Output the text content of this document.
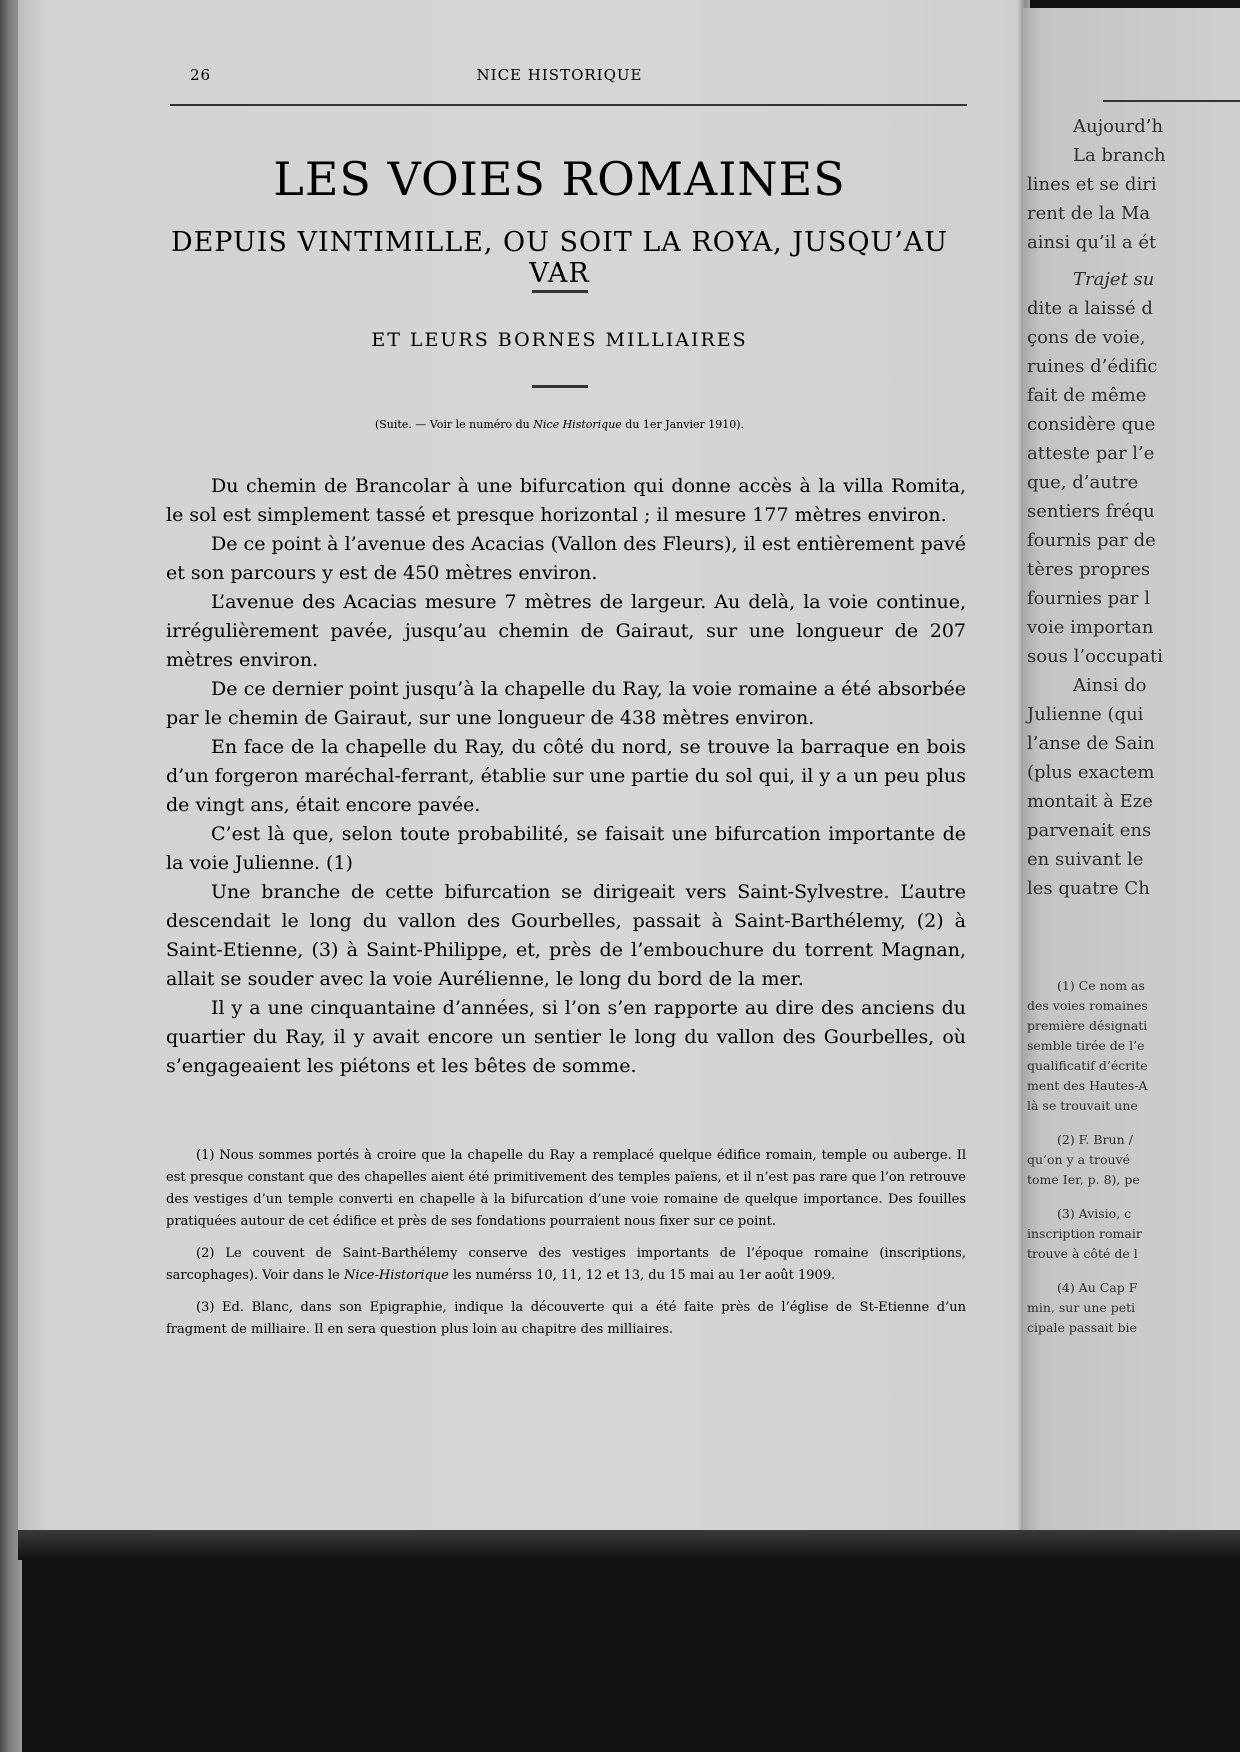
26	NICE HISTORIQUE
LES VOIES ROMAINES
DEPUIS VINTIMILLE, OU SOIT LA ROYA, JUSQU’AU VAR
ET LEURS BORNES MILLIAIRES
(Suite. — Voir le numéro du Nice Historique du 1er Janvier 1910).

Du chemin de Brancolar à une bifurcation qui donne accès à la villa Romita, le sol est simplement tassé et presque horizontal ; il mesure 177 mètres environ.

De ce point à l’avenue des Acacias (Vallon des Fleurs), il est entièrement pavé et son parcours y est de 450 mètres environ.

L’avenue des Acacias mesure 7 mètres de largeur. Au delà, la voie continue, irrégulièrement pavée, jusqu’au chemin de Gairaut, sur une longueur de 207 mètres environ.

De ce dernier point jusqu’à la chapelle du Ray, la voie romaine a été absorbée par le chemin de Gairaut, sur une longueur de 438 mètres environ.

En face de la chapelle du Ray, du côté du nord, se trouve la barraque en bois d’un forgeron maréchal-ferrant, établie sur une partie du sol qui, il y a un peu plus de vingt ans, était encore pavée.

C’est là que, selon toute probabilité, se faisait une bifurcation importante de la voie Julienne. (1)

Une branche de cette bifurcation se dirigeait vers Saint-Sylvestre. L’autre descendait le long du vallon des Gourbelles, passait à Saint-Barthélemy, (2) à Saint-Etienne, (3) à Saint-Philippe, et, près de l’embouchure du torrent Magnan, allait se souder avec la voie Aurélienne, le long du bord de la mer.

Il y a une cinquantaine d’années, si l’on s’en rapporte au dire des anciens du quartier du Ray, il y avait encore un sentier le long du vallon des Gourbelles, où s’engageaient les piétons et les bêtes de somme.

(1) Nous sommes portés à croire que la chapelle du Ray a remplacé quelque édifice romain, temple ou auberge. Il est presque constant que des chapelles aient été primitivement des temples païens, et il n’est pas rare que l’on retrouve des vestiges d’un temple converti en chapelle à la bifurcation d’une voie romaine de quelque importance. Des fouilles pratiquées autour de cet édifice et près de ses fondations pourraient nous fixer sur ce point.

(2) Le couvent de Saint-Barthélemy conserve des vestiges importants de l’époque romaine (inscriptions, sarcophages). Voir dans le Nice-Historique les numérss 10, 11, 12 et 13, du 15 mai au 1er août 1909.

(3) Ed. Blanc, dans son Epigraphie, indique la découverte qui a été faite près de l’église de St-Etienne d’un fragment de milliaire. Il en sera question plus loin au chapitre des milliaires.

Aujourd’h
La branch
lines et se diri
rent de la Ma
ainsi qu’il a ét
Trajet su
dite a laissé d
çons de voie,
ruines d’édific
fait de même
considère que
atteste par l’e
que, d’autre
sentiers fréqu
fournis par de
tères propres
fournies par l
voie importan
sous l’occupati
Ainsi do
Julienne (qui
l’anse de Sain
(plus exactem
montait à Eze
parvenait ens
en suivant le
les quatre Ch
(1) Ce nom as
des voies romaines
première désignati
semble tirée de l’e
qualificatif d’écrite
ment des Hautes-A
là se trouvait une
(2) F. Brun /
qu’on y a trouvé
tome Ier, p. 8), pe
(3) Avisio, c
inscription romair
trouve à côté de l
(4) Au Cap F
min, sur une peti
cipale passait bie
